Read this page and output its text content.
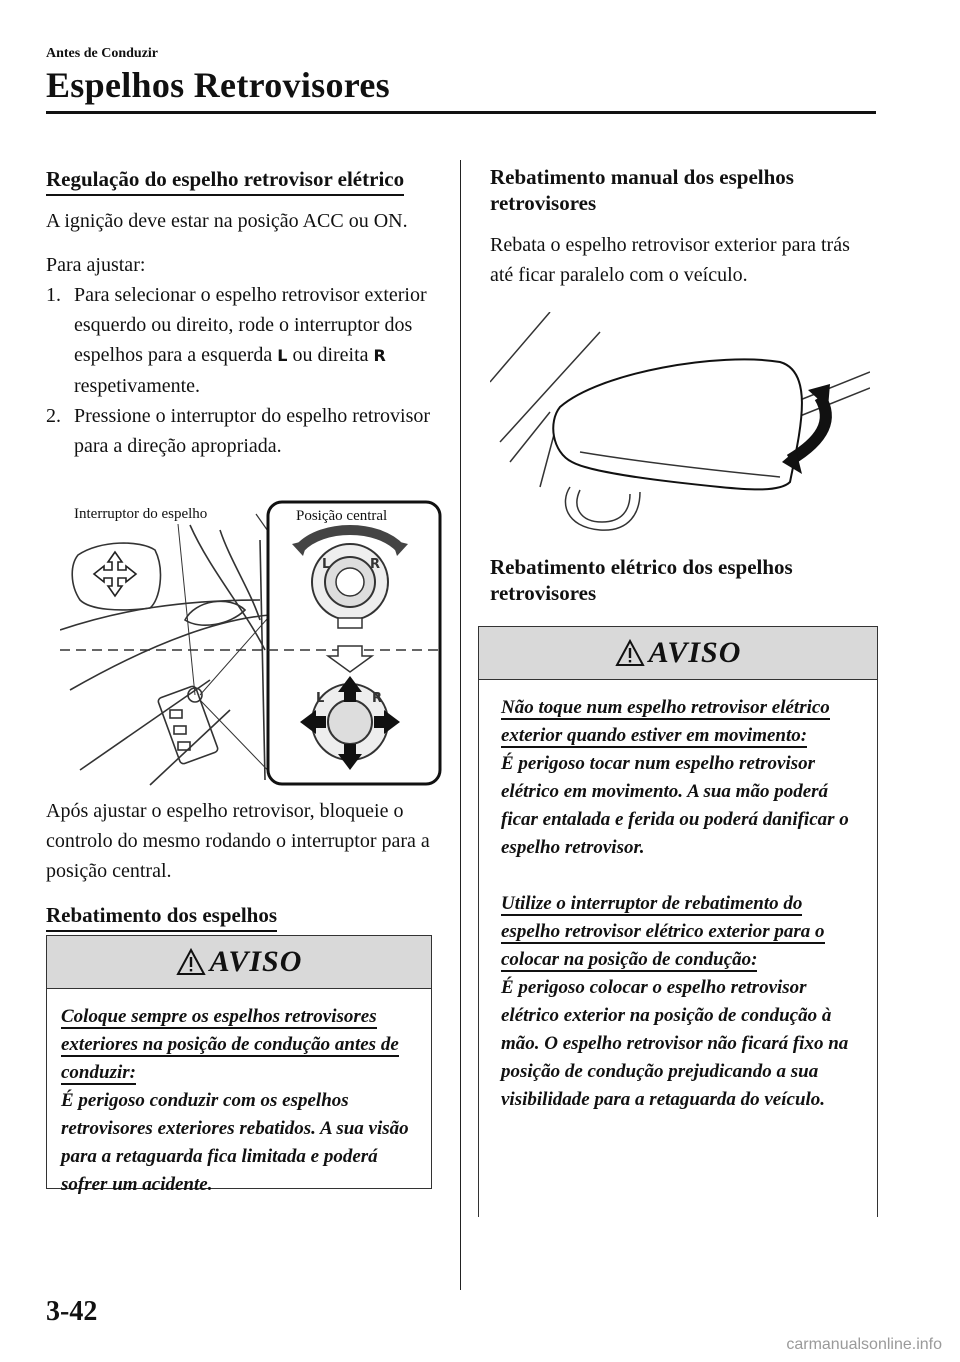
Antes de Conduzir
Espelhos Retrovisores
Regulação do espelho retrovisor elétrico
A ignição deve estar na posição ACC ou ON.
Para ajustar:
1. Para selecionar o espelho retrovisor exterior esquerdo ou direito, rode o interruptor dos espelhos para a esquerda L ou direita R respetivamente.
2. Pressione o interruptor do espelho retrovisor para a direção apropriada.
L	R
L	R
Interruptor do espelho	Posição central
Após ajustar o espelho retrovisor, bloqueie o controlo do mesmo rodando o interruptor para a posição central.
Rebatimento dos espelhos
AVISO
Coloque sempre os espelhos retrovisores exteriores na posição de condução antes de conduzir:
É perigoso conduzir com os espelhos retrovisores exteriores rebatidos. A sua visão para a retaguarda fica limitada e poderá sofrer um acidente.
Rebatimento manual dos espelhos retrovisores
Rebata o espelho retrovisor exterior para trás até ficar paralelo com o veículo.
Rebatimento elétrico dos espelhos retrovisores
AVISO
Não toque num espelho retrovisor elétrico exterior quando estiver em movimento:
É perigoso tocar num espelho retrovisor elétrico em movimento. A sua mão poderá ficar entalada e ferida ou poderá danificar o espelho retrovisor.
Utilize o interruptor de rebatimento do espelho retrovisor elétrico exterior para o colocar na posição de condução:
É perigoso colocar o espelho retrovisor elétrico exterior na posição de condução à mão. O espelho retrovisor não ficará fixo na posição de condução prejudicando a sua visibilidade para a retaguarda do veículo.
3-42
carmanualsonline.info
